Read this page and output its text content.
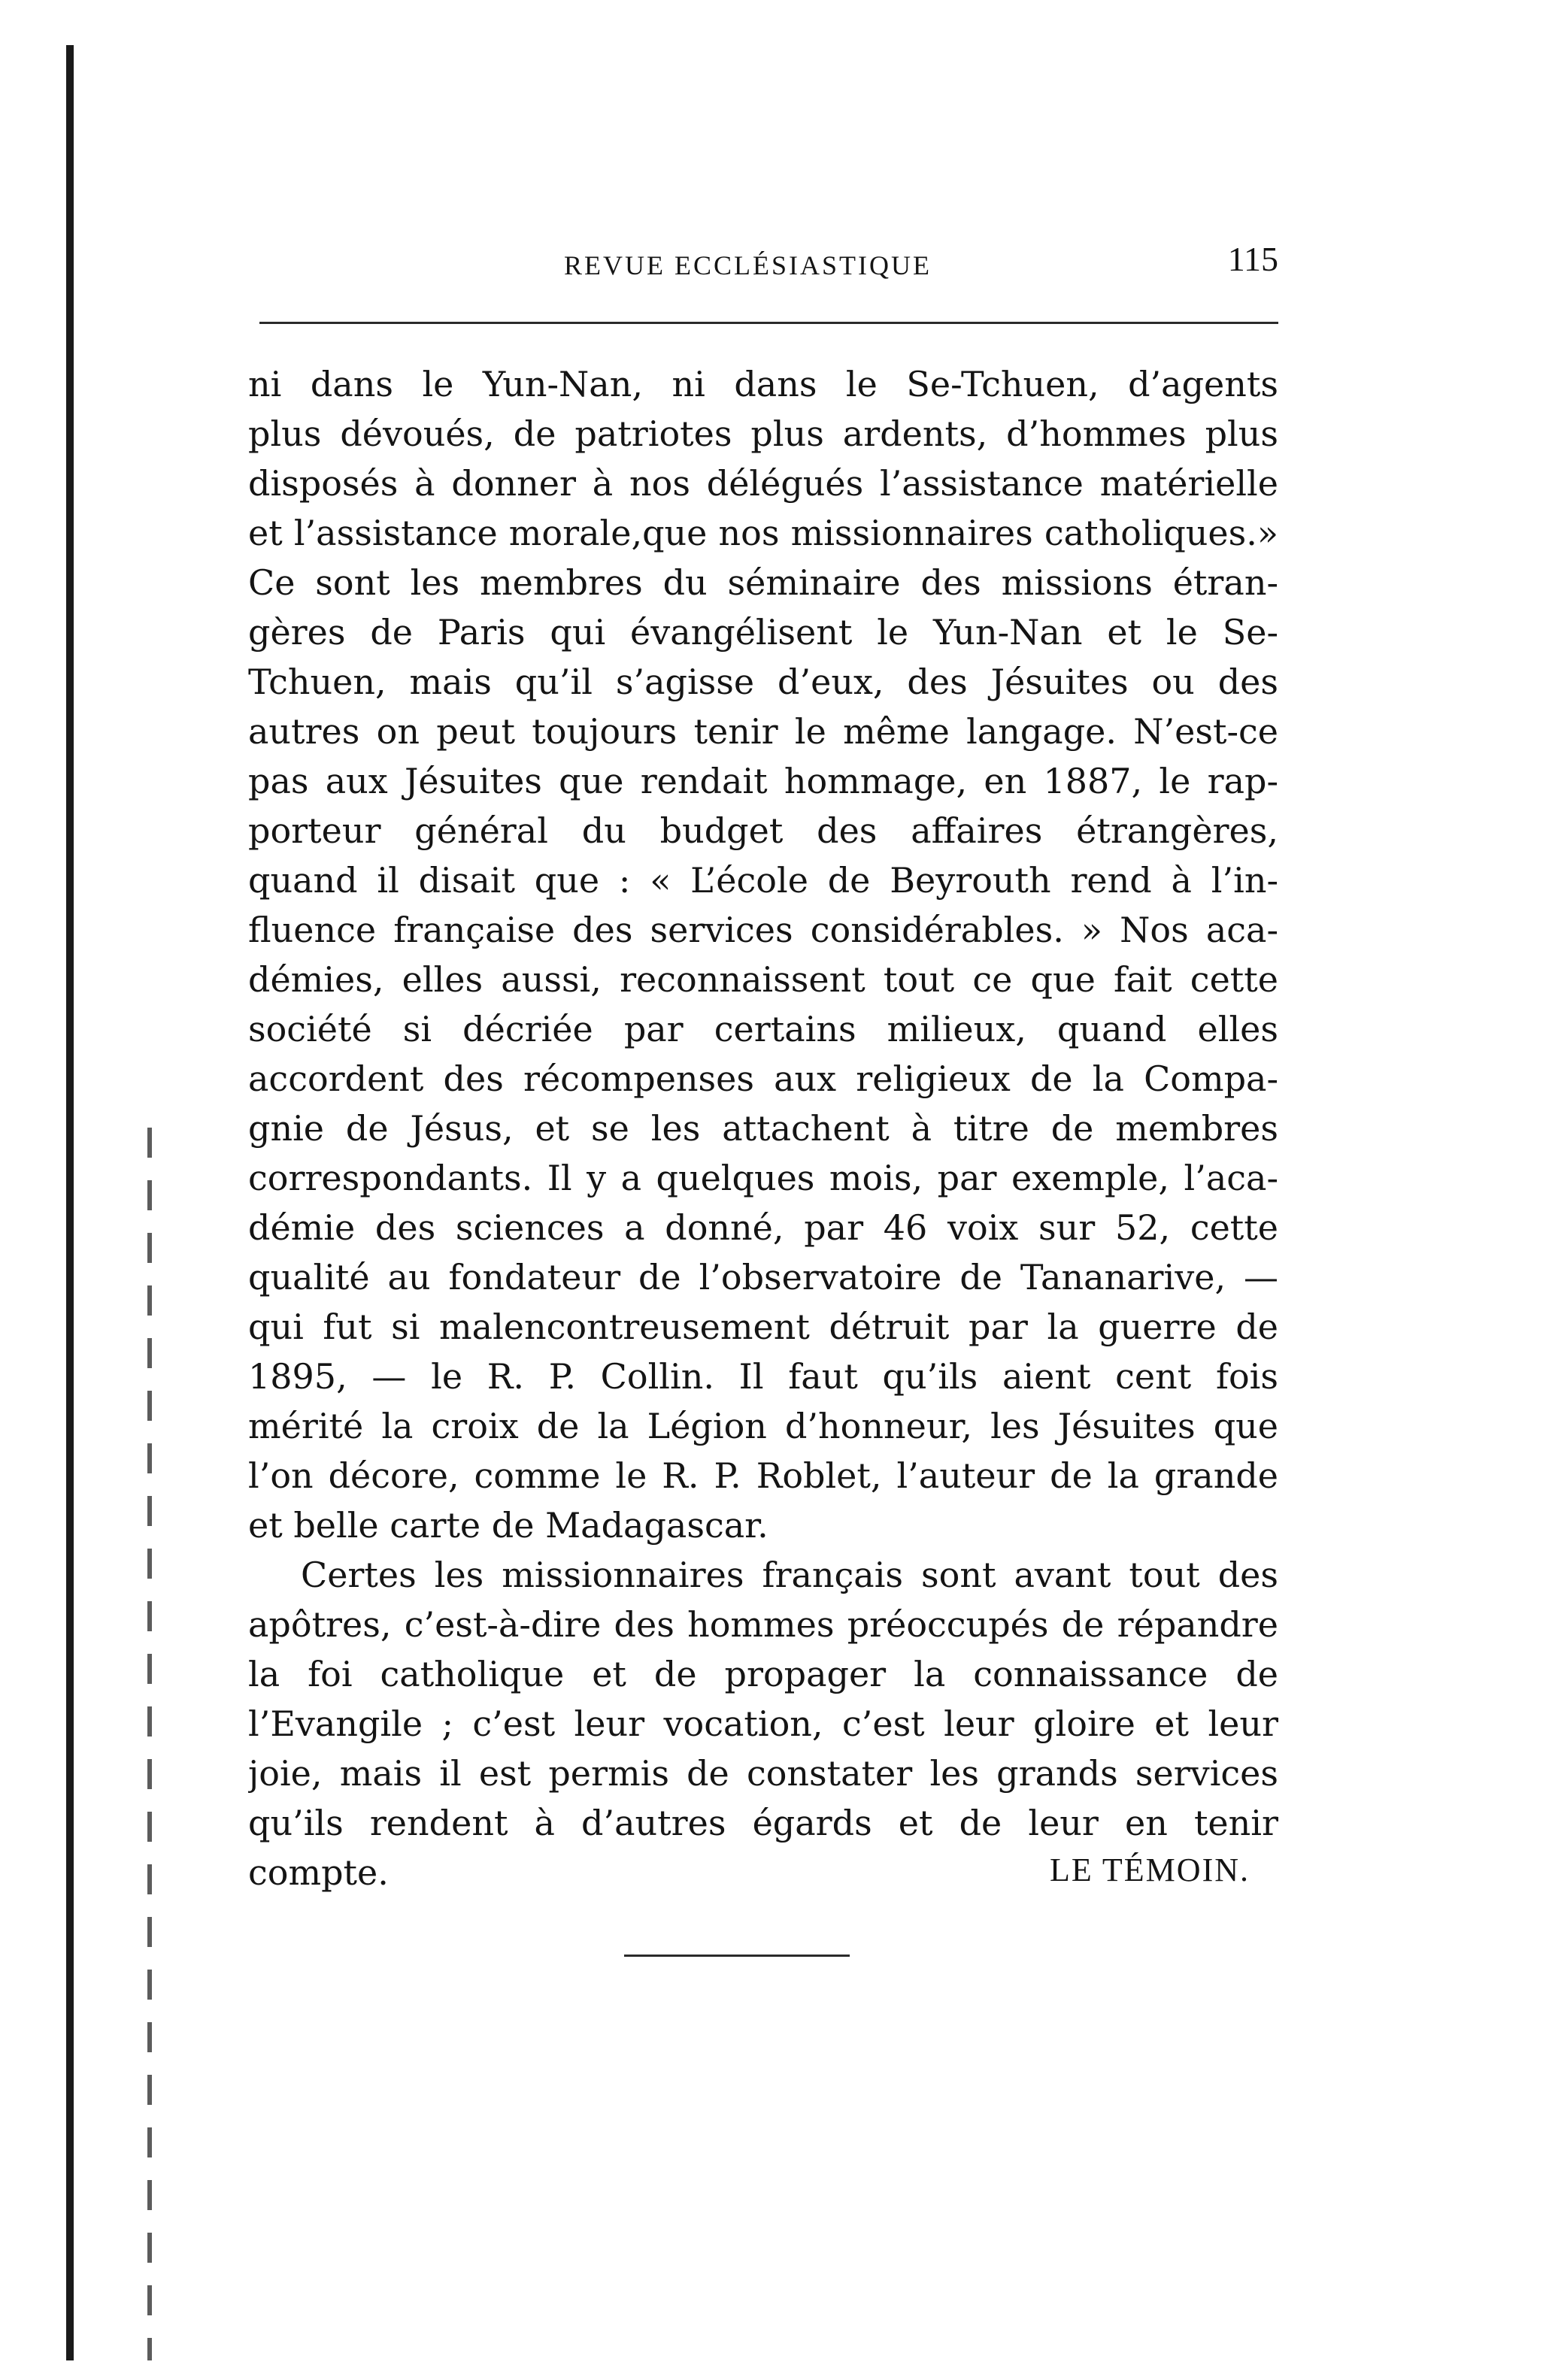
REVUE ECCLÉSIASTIQUE	115
ni dans le Yun-Nan, ni dans le Se-Tchuen, d’agents
plus dévoués, de patriotes plus ardents, d’hommes plus
disposés à donner à nos délégués l’assistance matérielle
et l’assistance morale,que nos missionnaires catholiques.»
Ce sont les membres du séminaire des missions étran-
gères de Paris qui évangélisent le Yun-Nan et le Se-
Tchuen, mais qu’il s’agisse d’eux, des Jésuites ou des
autres on peut toujours tenir le même langage. N’est-ce
pas aux Jésuites que rendait hommage, en 1887, le rap-
porteur général du budget des affaires étrangères,
quand il disait que : « L’école de Beyrouth rend à l’in-
fluence française des services considérables. » Nos aca-
démies, elles aussi, reconnaissent tout ce que fait cette
société si décriée par certains milieux, quand elles
accordent des récompenses aux religieux de la Compa-
gnie de Jésus, et se les attachent à titre de membres
correspondants. Il y a quelques mois, par exemple, l’aca-
démie des sciences a donné, par 46 voix sur 52, cette
qualité au fondateur de l’observatoire de Tananarive, —
qui fut si malencontreusement détruit par la guerre de
1895, — le R. P. Collin. Il faut qu’ils aient cent fois
mérité la croix de la Légion d’honneur, les Jésuites que
l’on décore, comme le R. P. Roblet, l’auteur de la grande
et belle carte de Madagascar.
Certes les missionnaires français sont avant tout des
apôtres, c’est-à-dire des hommes préoccupés de répandre
la foi catholique et de propager la connaissance de
l’Evangile ; c’est leur vocation, c’est leur gloire et leur
joie, mais il est permis de constater les grands services
qu’ils rendent à d’autres égards et de leur en tenir
compte.	LE TÉMOIN.
